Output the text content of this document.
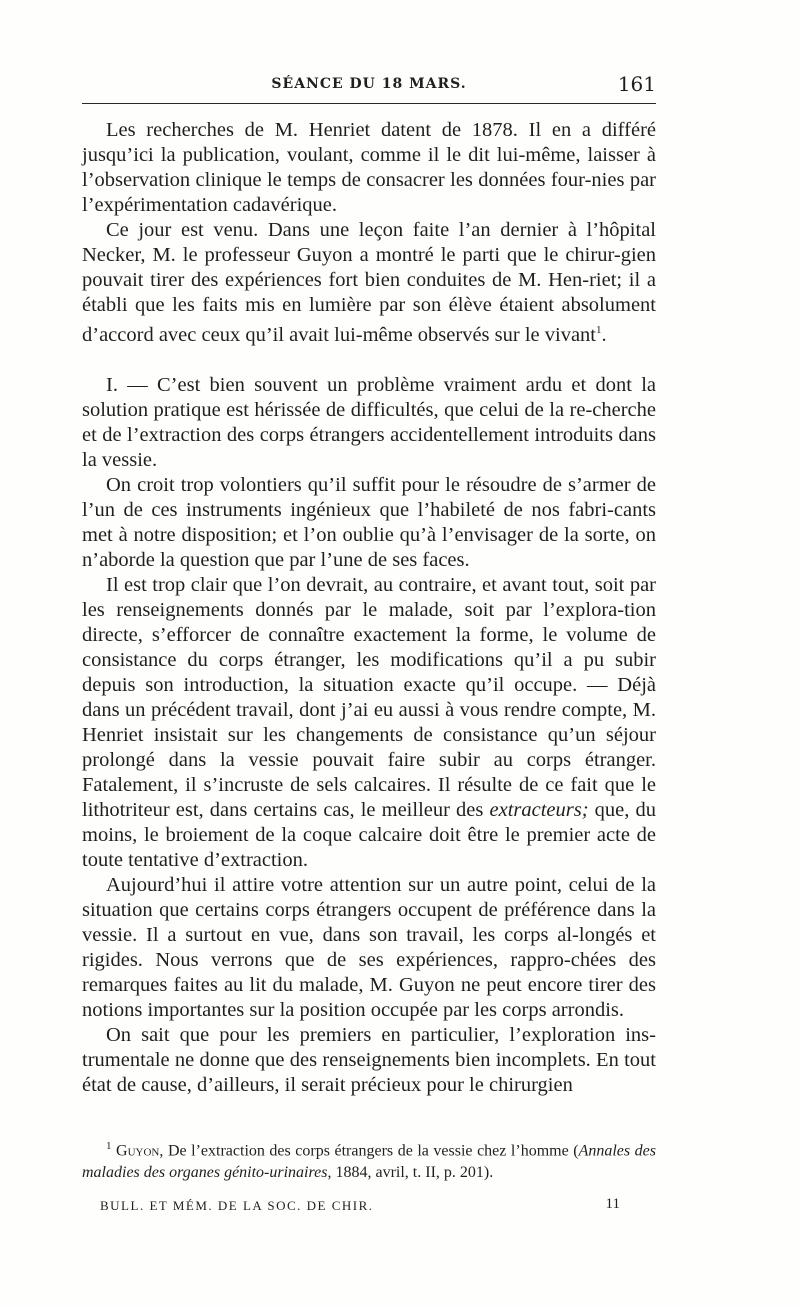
SÉANCE DU 18 MARS.	161

Les recherches de M. Henriet datent de 1878. Il en a différé jusqu’ici la publication, voulant, comme il le dit lui-même, laisser à l’observation clinique le temps de consacrer les données four-nies par l’expérimentation cadavérique.

Ce jour est venu. Dans une leçon faite l’an dernier à l’hôpital Necker, M. le professeur Guyon a montré le parti que le chirur-gien pouvait tirer des expériences fort bien conduites de M. Hen-riet; il a établi que les faits mis en lumière par son élève étaient absolument d’accord avec ceux qu’il avait lui-même observés sur le vivant$^1$.

I. — C’est bien souvent un problème vraiment ardu et dont la solution pratique est hérissée de difficultés, que celui de la re-cherche et de l’extraction des corps étrangers accidentellement introduits dans la vessie.

On croit trop volontiers qu’il suffit pour le résoudre de s’armer de l’un de ces instruments ingénieux que l’habileté de nos fabri-cants met à notre disposition; et l’on oublie qu’à l’envisager de la sorte, on n’aborde la question que par l’une de ses faces.

Il est trop clair que l’on devrait, au contraire, et avant tout, soit par les renseignements donnés par le malade, soit par l’explora-tion directe, s’efforcer de connaître exactement la forme, le volume de consistance du corps étranger, les modifications qu’il a pu subir depuis son introduction, la situation exacte qu’il occupe. — Déjà dans un précédent travail, dont j’ai eu aussi à vous rendre compte, M. Henriet insistait sur les changements de consistance qu’un séjour prolongé dans la vessie pouvait faire subir au corps étranger. Fatalement, il s’incruste de sels calcaires. Il résulte de ce fait que le lithotriteur est, dans certains cas, le meilleur des extracteurs; que, du moins, le broiement de la coque calcaire doit être le premier acte de toute tentative d’extraction.

Aujourd’hui il attire votre attention sur un autre point, celui de la situation que certains corps étrangers occupent de préférence dans la vessie. Il a surtout en vue, dans son travail, les corps al-longés et rigides. Nous verrons que de ses expériences, rappro-chées des remarques faites au lit du malade, M. Guyon ne peut encore tirer des notions importantes sur la position occupée par les corps arrondis.

On sait que pour les premiers en particulier, l’exploration ins-trumentale ne donne que des renseignements bien incomplets. En tout état de cause, d’ailleurs, il serait précieux pour le chirurgien

$^1$ Guyon, De l’extraction des corps étrangers de la vessie chez l’homme (Annales des maladies des organes génito-urinaires, 1884, avril, t. II, p. 201).

BULL. ET MÉM. DE LA SOC. DE CHIR.	11
